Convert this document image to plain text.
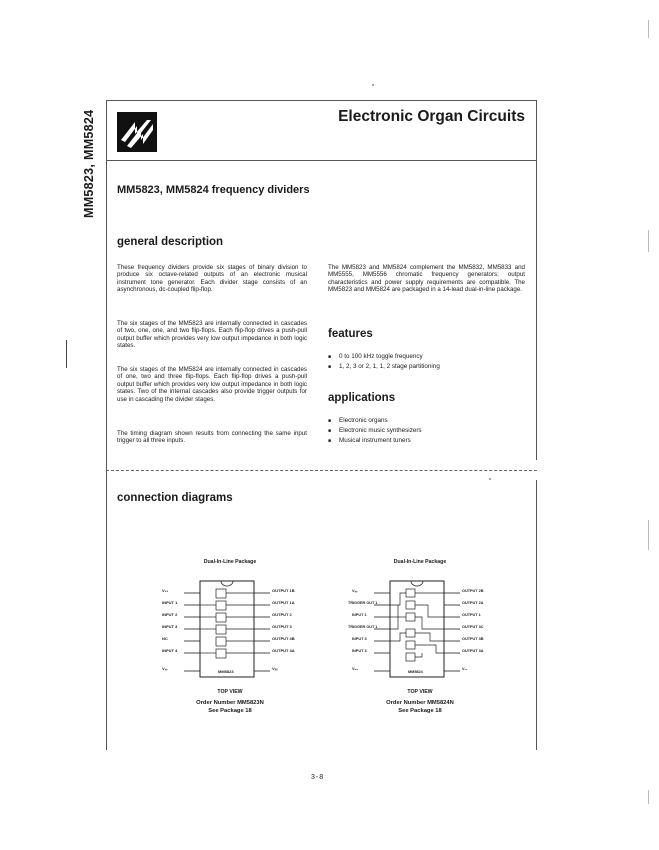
MM5823, MM5824	Electronic Organ Circuits
MM5823, MM5824 frequency dividers
general description
These frequency dividers provide six stages of binary division to produce six octave-related outputs of an electronic musical instrument tone generator. Each divider stage consists of an asynchronous, dc-coupled flip-flop.
The six stages of the MM5823 are internally connected in cascades of two, one, one, and two flip-flops. Each flip-flop drives a push-pull output buffer which provides very low output impedance in both logic states.
The six stages of the MM5824 are internally connected in cascades of one, two and three flip-flops. Each flip-flop drives a push-pull output buffer which provides very low output impedance in both logic states. Two of the internal cascades also provide trigger outputs for use in cascading the divider stages.
The timing diagram shown results from connecting the same input trigger to all three inputs.
The MM5823 and MM5824 complement the MM5832, MM5833 and MM5555, MM5556 chromatic frequency generators; output characteristics and power supply requirements are compatible. The MM5823 and MM5824 are packaged in a 14-lead dual-in-line package.
features
■ 0 to 100 kHz toggle frequency
■ 1, 2, 3 or 2, 1, 1, 2 stage partitioning
applications
■ Electronic organs
■ Electronic music synthesizers
■ Musical instrument tuners
connection diagrams
Dual-In-Line Package
V₀₀
INPUT 1
INPUT 2
INPUT 3
NC
INPUT 4
Vₛₛ
OUTPUT 1B
OUTPUT 1A
OUTPUT 2
OUTPUT 3
OUTPUT 4B
OUTPUT 4A
Vₓₓ
MM5823
TOP VIEW
Order Number MM5823N
See Package 18
Dual-In-Line Package
Vₛₛ
TRIGGER OUT 1
INPUT 1
TRIGGER OUT 1
INPUT 3
INPUT 3
V₀₀
OUTPUT 2B
OUTPUT 2A
OUTPUT 1
OUTPUT 3C
OUTPUT 3B
OUTPUT 3A
Vₓₓ
MM5824
TOP VIEW
Order Number MM5824N
See Package 18
3-8
